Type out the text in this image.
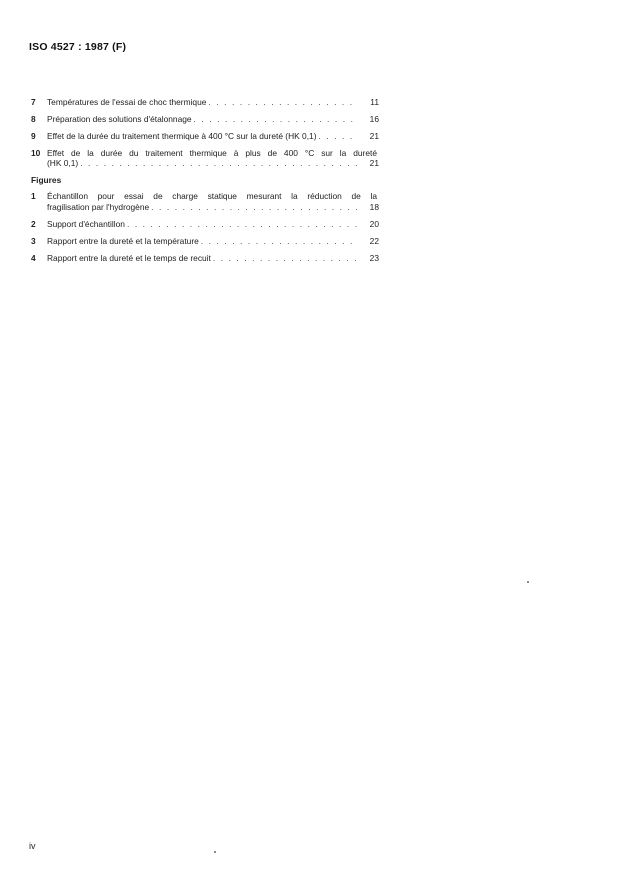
ISO 4527 : 1987 (F)
7	Températures de l'essai de choc thermique . . .	11
8	Préparation des solutions d'étalonnage . . .	16
9	Effet de la durée du traitement thermique à 400 °C sur la dureté (HK 0,1) . . .	21
10 Effet de la durée du traitement thermique à plus de 400 °C sur la dureté
(HK 0,1) . . .	21
Figures
1	Échantillon pour essai de charge statique mesurant la réduction de la
fragilisation par l'hydrogène . . .	18
2	Support d'échantillon . . .	20
3	Rapport entre la dureté et la température . . .	22
4	Rapport entre la dureté et le temps de recuit . . .	23
iv
